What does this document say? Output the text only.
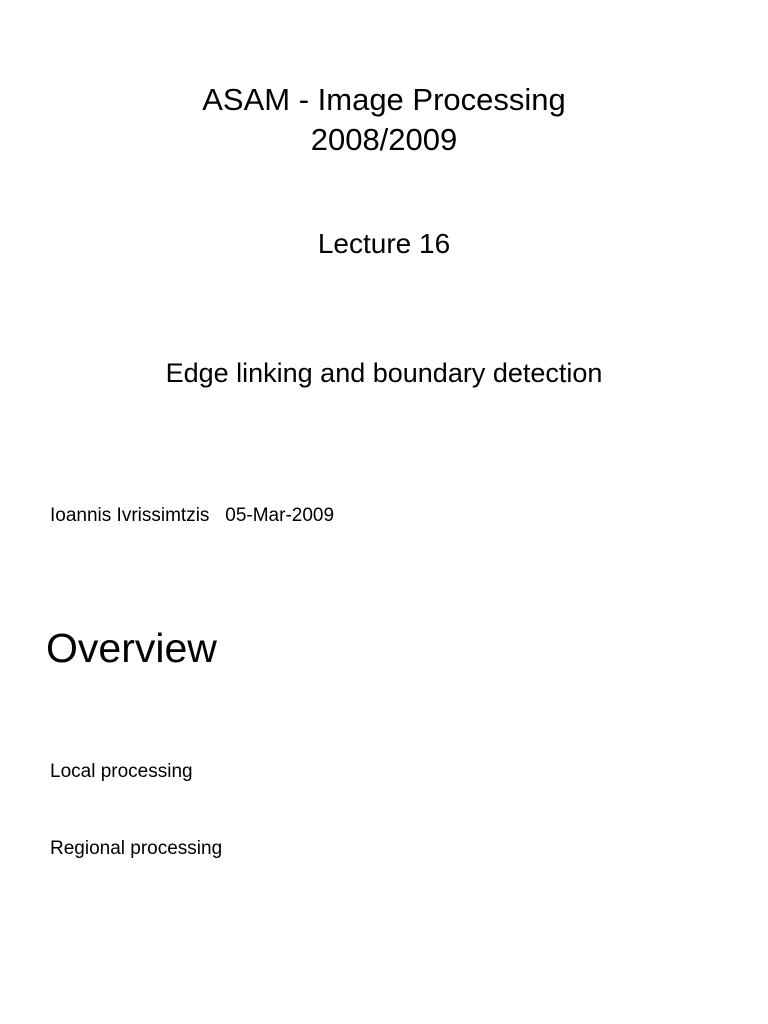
ASAM - Image Processing
2008/2009
Lecture 16
Edge linking and boundary detection
Ioannis Ivrissimtzis 05-Mar-2009
Overview
Local processing
Regional processing
